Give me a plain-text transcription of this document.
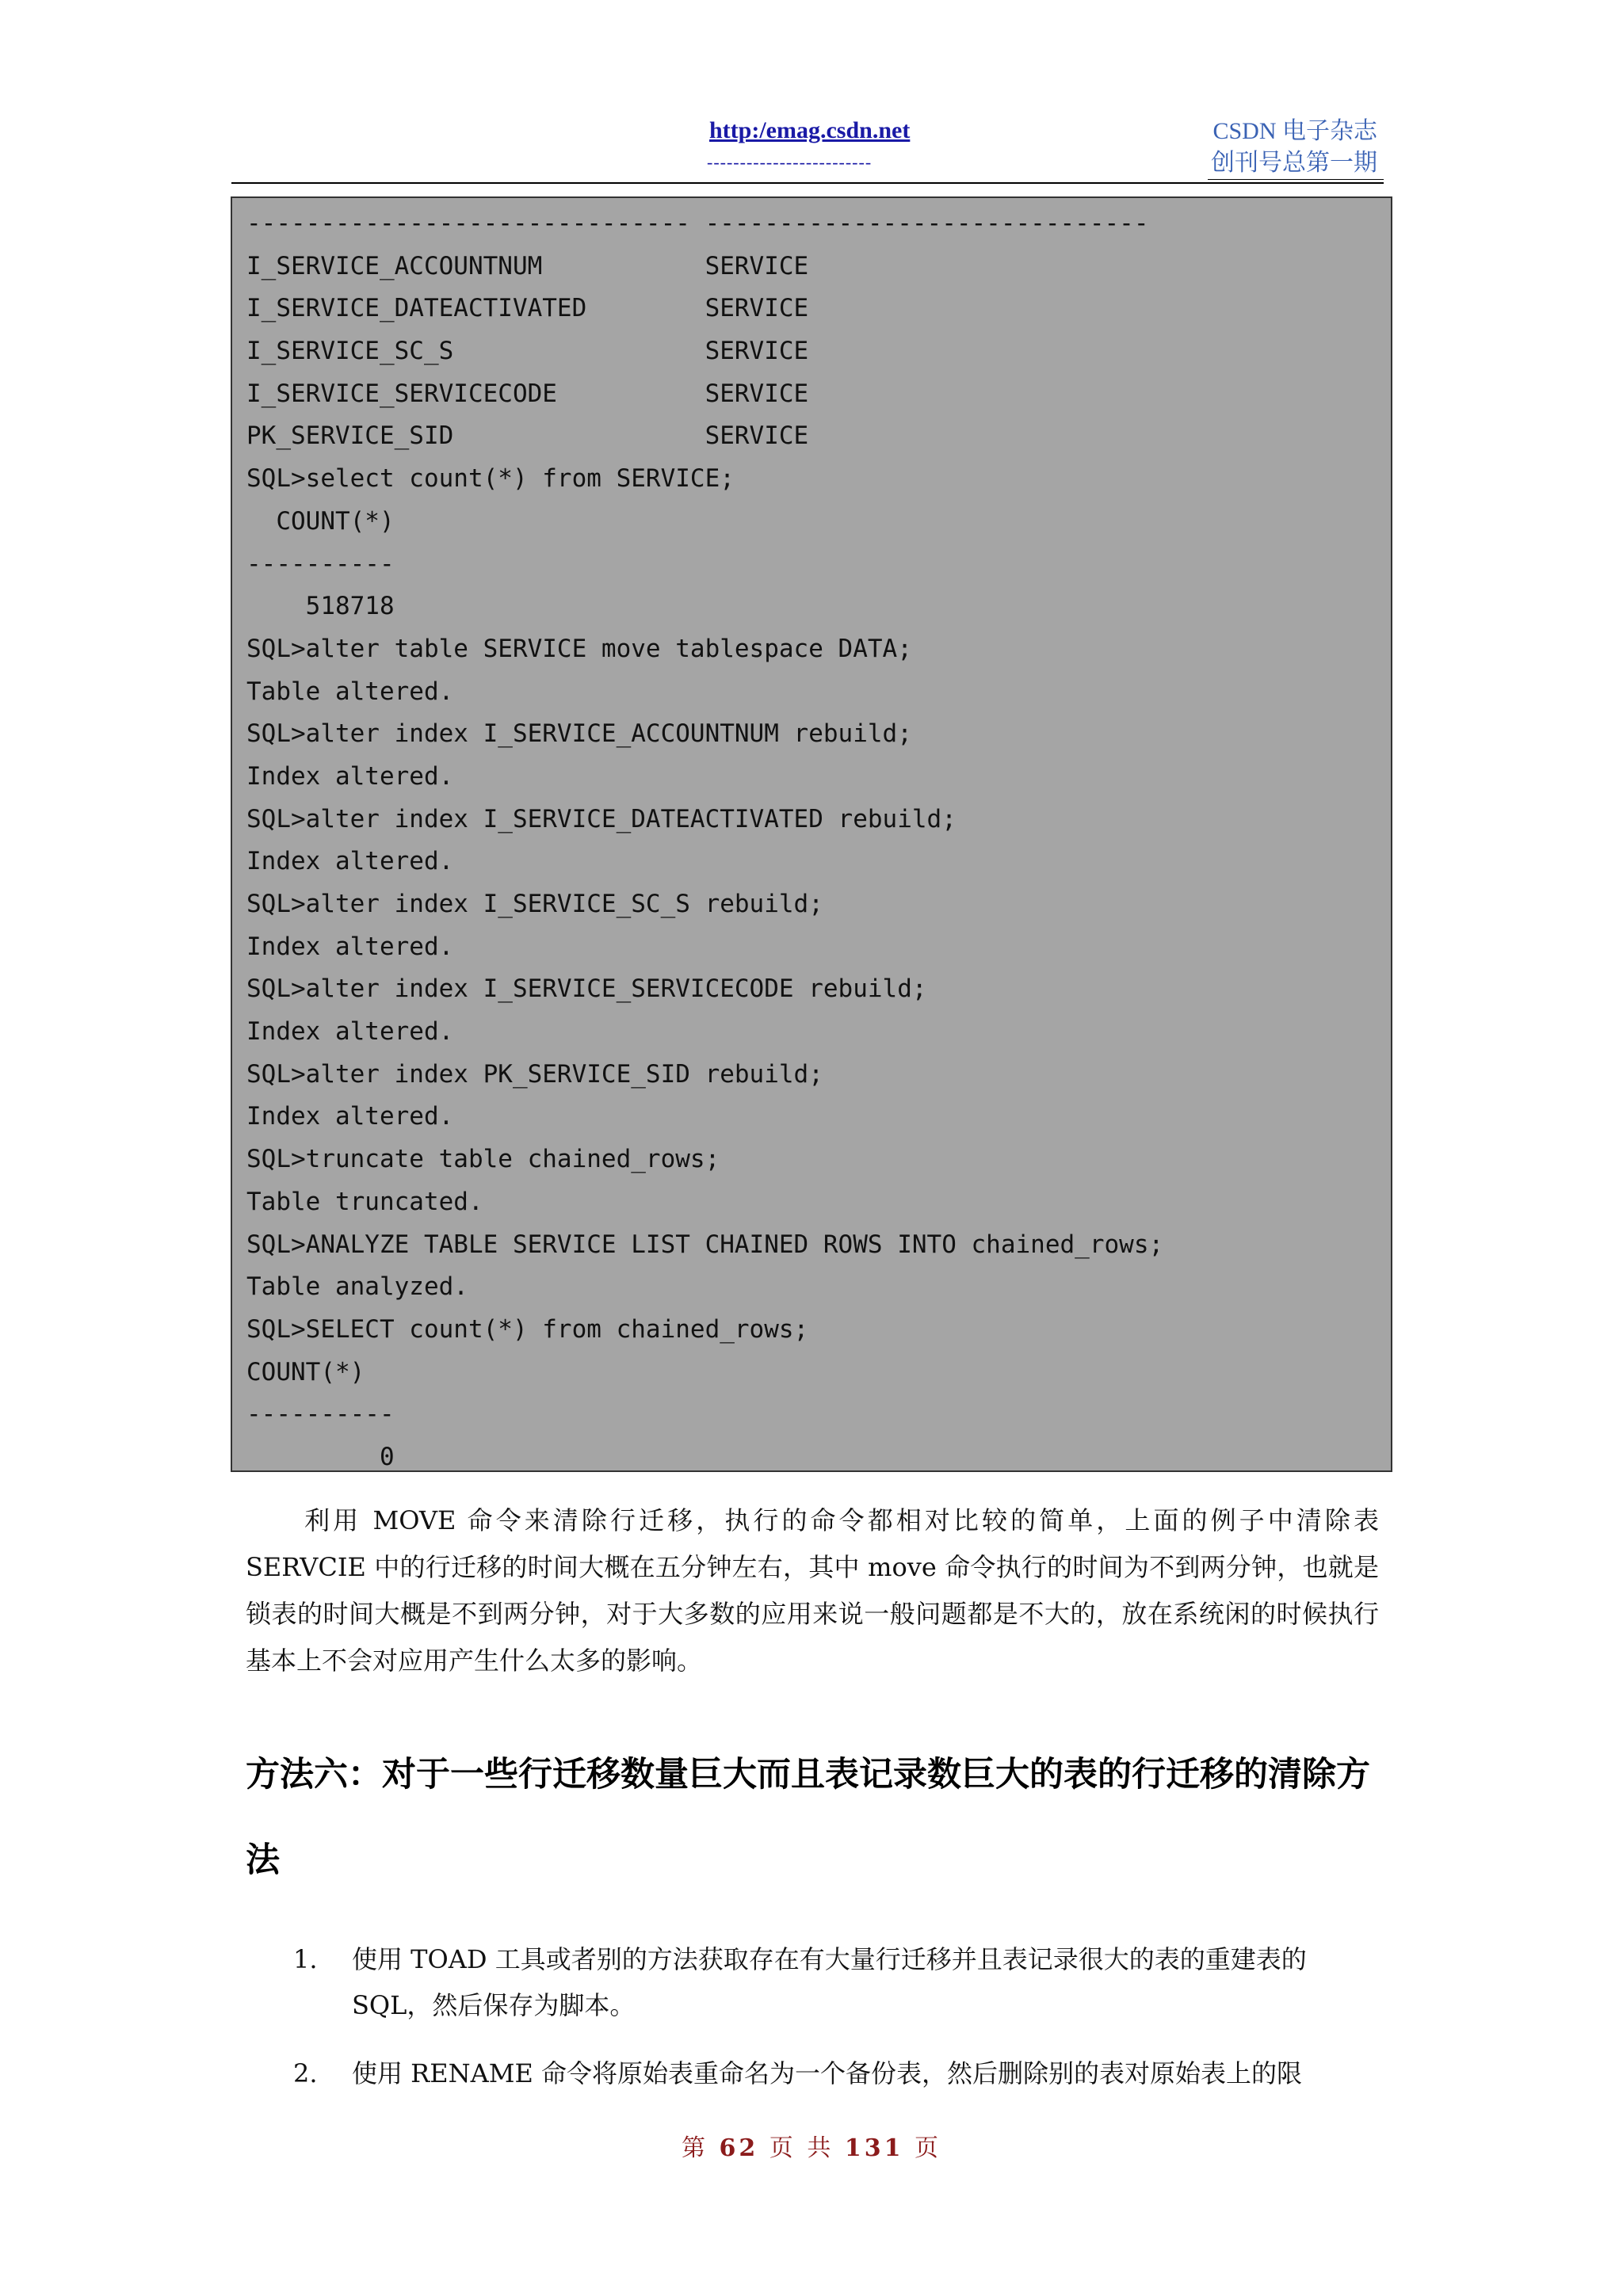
http:/emag.csdn.net
-------------------------
CSDN 电子杂志
创刊号总第一期
------------------------------ ------------------------------
I_SERVICE_ACCOUNTNUM           SERVICE
I_SERVICE_DATEACTIVATED        SERVICE
I_SERVICE_SC_S                 SERVICE
I_SERVICE_SERVICECODE          SERVICE
PK_SERVICE_SID                 SERVICE
SQL>select count(*) from SERVICE;
COUNT(*)
----------
518718
SQL>alter table SERVICE move tablespace DATA;
Table altered.
SQL>alter index I_SERVICE_ACCOUNTNUM rebuild;
Index altered.
SQL>alter index I_SERVICE_DATEACTIVATED rebuild;
Index altered.
SQL>alter index I_SERVICE_SC_S rebuild;
Index altered.
SQL>alter index I_SERVICE_SERVICECODE rebuild;
Index altered.
SQL>alter index PK_SERVICE_SID rebuild;
Index altered.
SQL>truncate table chained_rows;
Table truncated.
SQL>ANALYZE TABLE SERVICE LIST CHAINED ROWS INTO chained_rows;
Table analyzed.
SQL>SELECT count(*) from chained_rows;
COUNT(*)
----------
0
利用 MOVE 命令来清除行迁移，执行的命令都相对比较的简单，上面的例子中清除表 SERVCIE 中的行迁移的时间大概在五分钟左右，其中 move 命令执行的时间为不到两分钟，也就是锁表的时间大概是不到两分钟，对于大多数的应用来说一般问题都是不大的，放在系统闲的时候执行基本上不会对应用产生什么太多的影响。
方法六：对于一些行迁移数量巨大而且表记录数巨大的表的行迁移的清除方法
1. 使用 TOAD 工具或者别的方法获取存在有大量行迁移并且表记录很大的表的重建表的 SQL，然后保存为脚本。
2. 使用 RENAME 命令将原始表重命名为一个备份表，然后删除别的表对原始表上的限
第 62 页 共 131 页
